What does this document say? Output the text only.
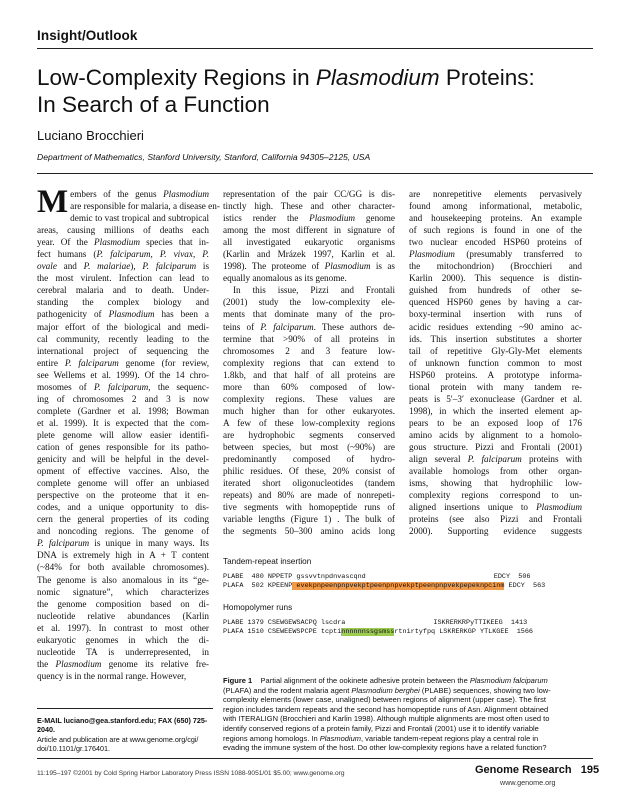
Insight/Outlook
Low-Complexity Regions in Plasmodium Proteins:
In Search of a Function
Luciano Brocchieri
Department of Mathematics, Stanford University, Stanford, California 94305–2125, USA
Members of the genus Plasmodium
are responsible for malaria, a disease en-
demic to vast tropical and subtropical
areas, causing millions of deaths each
year. Of the Plasmodium species that in-
fect humans (P. falciparum, P. vivax, P.
ovale and P. malariae), P. falciparum is
the most virulent. Infection can lead to
cerebral malaria and to death. Under-
standing the complex biology and
pathogenicity of Plasmodium has been a
major effort of the biological and medi-
cal community, recently leading to the
international project of sequencing the
entire P. falciparum genome (for review,
see Wellems et al. 1999). Of the 14 chro-
mosomes of P. falciparum, the sequenc-
ing of chromosomes 2 and 3 is now
complete (Gardner et al. 1998; Bowman
et al. 1999). It is expected that the com-
plete genome will allow easier identifi-
cation of genes responsible for its patho-
genicity and will be helpful in the devel-
opment of effective vaccines. Also, the
complete genome will offer an unbiased
perspective on the proteome that it en-
codes, and a unique opportunity to dis-
cern the general properties of its coding
and noncoding regions. The genome of
P. falciparum is unique in many ways. Its
DNA is extremely high in A + T content
(~84% for both available chromosomes).
The genome is also anomalous in its “ge-
nomic signature”, which characterizes
the genome composition based on di-
nucleotide relative abundances (Karlin
et al. 1997). In contrast to most other
eukaryotic genomes in which the di-
nucleotide TA is underrepresented, in
the Plasmodium genome its relative fre-
quency is in the normal range. However,
representation of the pair CC/GG is dis-
tinctly high. These and other character-
istics render the Plasmodium genome
among the most different in signature of
all investigated eukaryotic organisms
(Karlin and Mrázek 1997, Karlin et al.
1998). The proteome of Plasmodium is as
equally anomalous as its genome.
In this issue, Pizzi and Frontali
(2001) study the low-complexity ele-
ments that dominate many of the pro-
teins of P. falciparum. These authors de-
termine that >90% of all proteins in
chromosomes 2 and 3 feature low-
complexity regions that can extend to
1.8kb, and that half of all proteins are
more than 60% composed of low-
complexity regions. These values are
much higher than for other eukaryotes.
A few of these low-complexity regions
are hydrophobic segments conserved
between species, but most (~90%) are
predominantly composed of hydro-
philic residues. Of these, 20% consist of
iterated short oligonucleotides (tandem
repeats) and 80% are made of nonrepeti-
tive segments with homopeptide runs of
variable lengths (Figure 1) . The bulk of
the segments 50–300 amino acids long
are nonrepetitive elements pervasively
found among informational, metabolic,
and housekeeping proteins. An example
of such regions is found in one of the
two nuclear encoded HSP60 proteins of
Plasmodium (presumably transferred to
the mitochondrion) (Brocchieri and
Karlin 2000). This sequence is distin-
guished from hundreds of other se-
quenced HSP60 genes by having a car-
boxy-terminal insertion with runs of
acidic residues extending ~90 amino ac-
ids. This insertion substitutes a shorter
tail of repetitive Gly-Gly-Met elements
of unknown function common to most
HSP60 proteins. A prototype informa-
tional protein with many tandem re-
peats is 5′–3′ exonuclease (Gardner et al.
1998), in which the inserted element ap-
pears to be an exposed loop of 176
amino acids by alignment to a homolo-
gous structure. Pizzi and Frontali (2001)
align several P. falciparum proteins with
available homologs from other organ-
isms, showing that hydrophilic low-
complexity regions correspond to un-
aligned insertions unique to Plasmodium
proteins (see also Pizzi and Frontali
2000). Supporting evidence suggests
E-MAIL luciano@gea.stanford.edu; FAX (650) 725-2040.
Article and publication are at www.genome.org/cgi/
doi/10.1101/gr.176401.
Tandem-repeat insertion
PLABE  480 NPPETP gssvvtnpdnvascqnd	EDCY  506
PLAFA  502 KPEENP evekpnpeenpnpvekptpeenpnpvekptpeenpnpvekpepeknpcinm EDCY  563
Homopolymer runs
PLABE 1379 CSEWGEWSACPQ lscdra	ISKRERKRPyTTIKEEG  1413
PLAFA 1510 CSEWEEWSPCPE tcptinnnnnnssgsmssrtnirtyfpq LSKRERKGP YTLKGEE  1566
Figure 1    Partial alignment of the ookinete adhesive protein between the Plasmodium falciparum
(PLAFA) and the rodent malaria agent Plasmodium berghei (PLABE) sequences, showing two low-
complexity elements (lower case, unaligned) between regions of alignment (upper case). The first
region includes tandem repeats and the second has homopeptide runs of Asn. Alignment obtained
with ITERALIGN (Brocchieri and Karlin 1998). Although multiple alignments are most often used to
identify conserved regions of a protein family, Pizzi and Frontali (2001) use it to identify variable
regions among homologs. In Plasmodium, variable tandem-repeat regions play a central role in
evading the immune system of the host. Do other low-complexity regions have a related function?
11:195–197 ©2001 by Cold Spring Harbor Laboratory Press ISSN 1088-9051/01 $5.00; www.genome.org	Genome Research 195
www.genome.org
